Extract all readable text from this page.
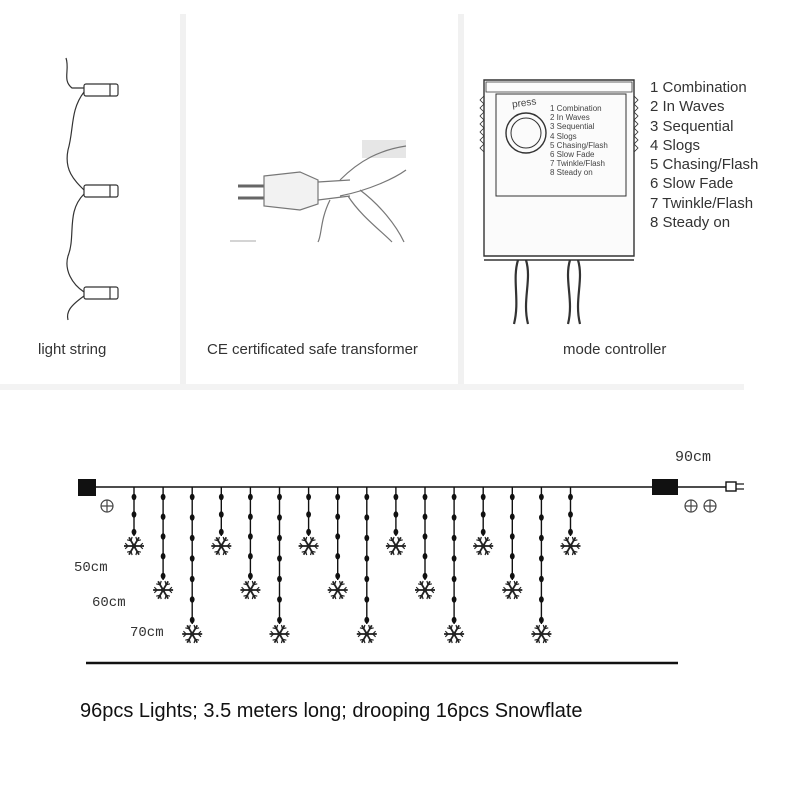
light string	CE certificated safe transformer	mode controller
press 1 Combination
2 In Waves
3 Sequential
4 Slogs
5 Chasing/Flash
6 Slow Fade
7 Twinkle/Flash
8 Steady on
1 Combination
2 In Waves
3 Sequential
4 Slogs
5 Chasing/Flash
6 Slow Fade
7 Twinkle/Flash
8 Steady on
90cm
50cm
60cm
70cm
96pcs Lights; 3.5 meters long; drooping 16pcs Snowflate
